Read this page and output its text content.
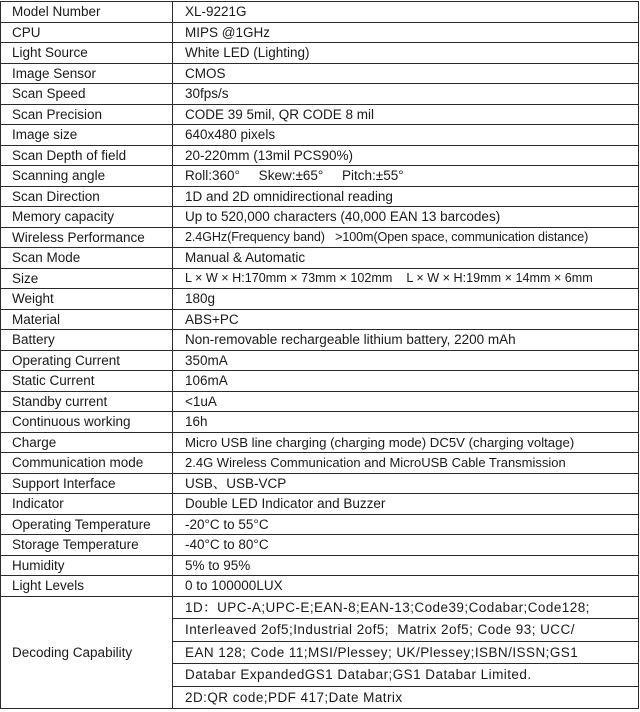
Model Number	XL-9221G
CPU	MIPS @1GHz
Light Source	White LED (Lighting)
Image Sensor	CMOS
Scan Speed	30fps/s
Scan Precision	CODE 39 5mil, QR CODE 8 mil
Image size	640x480 pixels
Scan Depth of field	20-220mm (13mil PCS90%)
Scanning angle	Roll:360°     Skew:±65°     Pitch:±55°
Scan Direction	1D and 2D omnidirectional reading
Memory capacity	Up to 520,000 characters (40,000 EAN 13 barcodes)
Wireless Performance	2.4GHz(Frequency band)   >100m(Open space, communication distance)
Scan Mode	Manual & Automatic
Size	L × W × H:170mm × 73mm × 102mm    L × W × H:19mm × 14mm × 6mm
Weight	180g
Material	ABS+PC
Battery	Non-removable rechargeable lithium battery, 2200 mAh
Operating Current	350mA
Static Current	106mA
Standby current	<1uA
Continuous working	16h
Charge	Micro USB line charging (charging mode) DC5V (charging voltage)
Communication mode	2.4G Wireless Communication and MicroUSB Cable Transmission
Support Interface	USB、USB-VCP
Indicator	Double LED Indicator and Buzzer
Operating Temperature	-20°C to 55°C
Storage Temperature	-40°C to 80°C
Humidity	5% to 95%
Light Levels	0 to 100000LUX
Decoding Capability	1D：UPC-A;UPC-E;EAN-8;EAN-13;Code39;Codabar;Code128;
Interleaved 2of5;Industrial 2of5;  Matrix 2of5; Code 93; UCC/
EAN 128; Code 11;MSI/Plessey; UK/Plessey;ISBN/ISSN;GS1
Databar ExpandedGS1 Databar;GS1 Databar Limited.
2D:QR code;PDF 417;Date Matrix
